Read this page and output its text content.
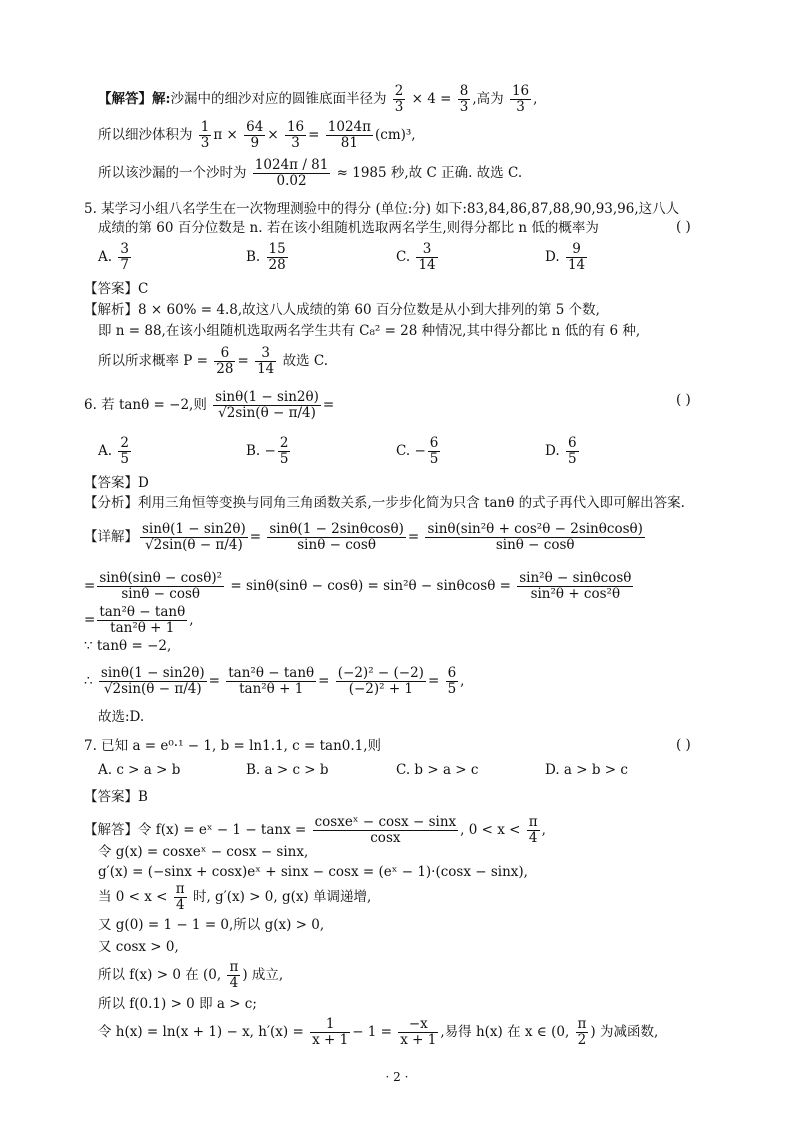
【解答】解:沙漏中的细沙对应的圆锥底面半径为 $\frac{2}{3} \times 4 = \frac{8}{3}$ ,高为 $\frac{16}{3}$ ,
所以细沙体积为 $\frac{1}{3}$ $\pi \times \frac{64}{9} \times \frac{16}{3} = \frac{1024\pi}{81} (cm)^3$,
所以该沙漏的一个沙时为 $\frac{1024\pi / 81}{0.02} \approx 1985$ 秒,故 C 正确. 故选 C.
5. 某学习小组八名学生在一次物理测验中的得分 (单位:分) 如下:83,84,86,87,88,90,93,96,这八人
成绩的第 60 百分位数是 n. 若在该小组随机选取两名学生,则得分都比 n 低的概率为	( )
A. $\frac{3}{7}$	B. $\frac{15}{28}$	C. $\frac{3}{14}$	D. $\frac{9}{14}$
【答案】C
【解析】8 × 60% = 4.8,故这八人成绩的第 60 百分位数是从小到大排列的第 5 个数,
即 n = 88,在该小组随机选取两名学生共有 C₈² = 28 种情况,其中得分都比 n 低的有 6 种,
所以所求概率 $P = \frac{6}{28} = \frac{3}{14}$ 故选 C.
6. 若 tanθ = −2,则 $\frac{\sin\theta(1 - \sin 2\theta)}{√2\sin(\theta - \pi/4)}$ =	( )
A. $\frac{2}{5}$	B. − $\frac{2}{5}$	C. − $\frac{6}{5}$	D. $\frac{6}{5}$
【答案】D
【分析】利用三角恒等变换与同角三角函数关系,一步步化简为只含 tanθ 的式子再代入即可解出答案.
【详解】 $\frac{\sin\theta(1 - \sin 2\theta)}{√2\sin(\theta - \pi/4)} = \frac{\sin\theta(1 - 2\sin\theta\cos\theta)}{\sin\theta - \cos\theta} = \frac{\text{sinθ(sin²θ + cos²θ − 2sinθcosθ)}}{\sin\theta - \cos\theta}$
= $\frac{\text{sinθ(sinθ − cosθ)²}}{\sin\theta - \cos\theta} = \sin\theta(\sin\theta - \cos\theta) = \sin^2\theta - \sin\theta\cos\theta = \frac{\text{sin²θ − sinθcosθ}}{\text{sin²θ + cos²θ}}$
= $\frac{\text{tan²θ − tanθ}}{\text{tan²θ + 1}}$ ,
∵ tanθ = −2,
∴ $\frac{\sin\theta(1 - \sin 2\theta)}{√2\sin(\theta - \pi/4)} = \frac{\text{tan²θ − tanθ}}{\text{tan²θ + 1}} = \frac{\text{(−2)² − (−2)}}{\text{(−2)² + 1}} = \frac{6}{5}$ ,
故选:D.
7. 已知 a = e⁰·¹ − 1, b = ln1.1, c = tan0.1,则	( )
A. c > a > b	B. a > c > b	C. b > a > c	D. a > b > c
【答案】B
【解答】令 f(x) = eˣ − $1 - \tan x = \frac{\text{cosxeˣ − cosx − sinx}}{\cos x}$ , $0 < x < \frac{\pi}{4}$ ,
令 g(x) = cosxeˣ − cosx − sinx,
g′(x) = (−sinx + cosx)eˣ + sinx − cosx = (eˣ − 1)·(cosx − sinx),
当 $0 < x < \frac{\pi}{4}$ 时, g′(x) > 0, g(x) 单调递增,
又 g(0) = 1 − 1 = 0,所以 g(x) > 0,
又 cosx > 0,
所以 f(x) > 0 在 (0, $\frac{\pi}{4}$ ) 成立,
所以 f(0.1) > 0 即 a > c;
令 h(x) = ln(x + 1) − x, $h'(x) = \frac{1}{x + 1} - 1 = \frac{-x}{x + 1}$ ,易得 h(x) 在 x ∈ (0, $\frac{\pi}{2}$ ) 为减函数,
· 2 ·
